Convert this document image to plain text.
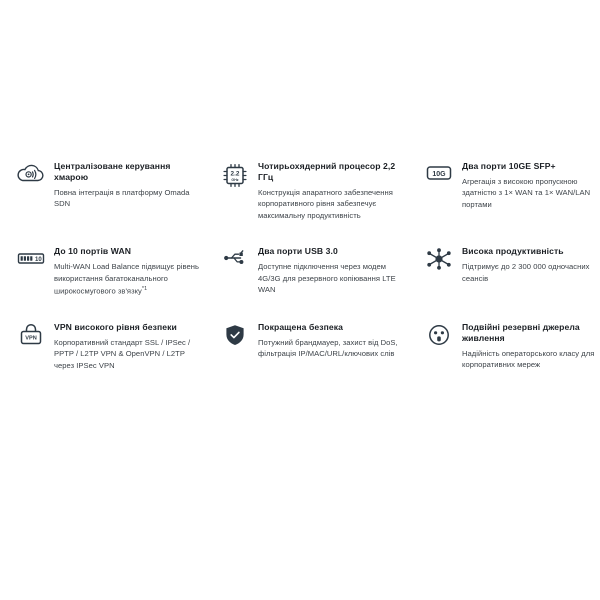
Централізоване керування хмарою
Повна інтеграція в платформу Omada SDN
2.2
GHz
Чотирьохядерний процесор 2,2 ГГц
Конструкція апаратного забезпечення корпоративного рівня забезпечує максимальну продуктивність
10G
Два порти 10GE SFP+
Агрегація з високою пропускною здатністю з 1× WAN та 1× WAN/LAN портами
10
До 10 портів WAN
Multi-WAN Load Balance підвищує рівень використання багатоканального широкосмугового зв'язку$^{*1}$
Два порти USB 3.0
Доступне підключення через модем 4G/3G для резервного копіювання LTE WAN
Висока продуктивність
Підтримує до 2 300 000 одночасних сеансів
VPN
VPN високого рівня безпеки
Корпоративний стандарт SSL / IPSec / PPTP / L2TP VPN & OpenVPN / L2TP через IPSec VPN
Покращена безпека
Потужний брандмауер, захист від DoS, фільтрація IP/MAC/URL/ключових слів
Подвійні резервні джерела живлення
Надійність операторського класу для корпоративних мереж
